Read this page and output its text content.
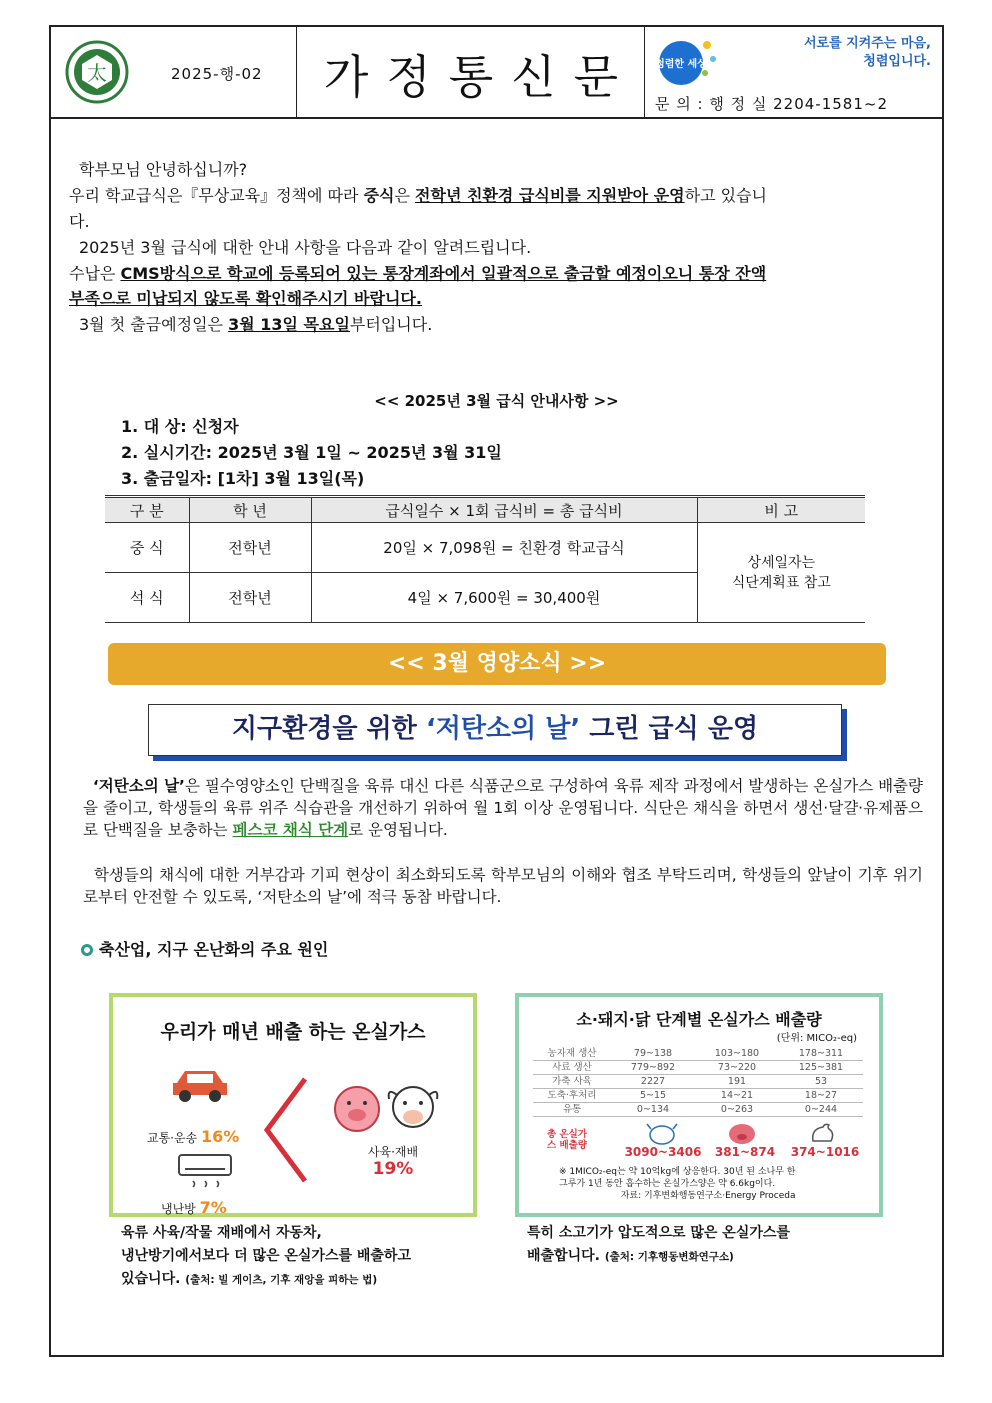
太	2025-행-02	가정통신문	청렴한 세상
서로를 지켜주는 마음,
청렴입니다.
문 의 : 행 정 실 2204-1581~2
학부모님 안녕하십니까?
우리 학교급식은『무상교육』정책에 따라 중식은 전학년 친환경 급식비를 지원받아 운영하고 있습니
다.
2025년 3월 급식에 대한 안내 사항을 다음과 같이 알려드립니다.
수납은 CMS방식으로 학교에 등록되어 있는 통장계좌에서 일괄적으로 출금할 예정이오니 통장 잔액
부족으로 미납되지 않도록 확인해주시기 바랍니다.
3월 첫 출금예정일은 3월 13일 목요일부터입니다.
<< 2025년 3월 급식 안내사항 >>
1. 대 상: 신청자
2. 실시기간: 2025년 3월 1일 ~ 2025년 3월 31일
3. 출금일자: [1차] 3월 13일(목)
구 분	학 년	급식일수 × 1회 급식비 = 총 급식비	비 고
중 식	전학년	20일 × 7,098원 = 친환경 학교급식	상세일자는
식단계획표 참고

석 식	전학년	4일 × 7,600원 = 30,400원	
<< 3월 영양소식 >>
지구환경을 위한 ‘저탄소의 날’ 그린 급식 운영
‘저탄소의 날’은 필수영양소인 단백질을 육류 대신 다른 식품군으로 구성하여 육류 제작 과정에서 발생하는 온실가스 배출량을 줄이고, 학생들의 육류 위주 식습관을 개선하기 위하여 월 1회 이상 운영됩니다. 식단은 채식을 하면서 생선·달걀·유제품으로 단백질을 보충하는 페스코 채식 단계로 운영됩니다.
학생들의 채식에 대한 거부감과 기피 현상이 최소화되도록 학부모님의 이해와 협조 부탁드리며, 학생들의 앞날이 기후 위기로부터 안전할 수 있도록, ‘저탄소의 날’에 적극 동참 바랍니다.
축산업, 지구 온난화의 주요 원인
우리가 매년 배출 하는 온실가스
교통·운송 16%
냉난방 7%
사육·재배
19%
육류 사육/작물 재배에서 자동차,
냉난방기에서보다 더 많은 온실가스를 배출하고
있습니다. (출처: 빌 게이츠, 기후 재앙을 피하는 법)
소·돼지·닭 단계별 온실가스 배출량
(단위: MICO₂-eq)
농자재 생산	79~138	103~180	178~311
사료 생산	779~892	73~220	125~381
가축 사육	2227	191	53
도축·후처리	5~15	14~21	18~27
유통	0~134	0~263	0~244
총 온실가스 배출량	3090~3406	381~874	374~1016
※ 1MICO₂-eq는 약 10억kg에 상응한다. 30년 된 소나무 한
그루가 1년 동안 흡수하는 온실가스양은 약 6.6kg이다.
자료: 기후변화행동연구소·Energy Proceda
특히 소고기가 압도적으로 많은 온실가스를
배출합니다. (출처: 기후행동변화연구소)
